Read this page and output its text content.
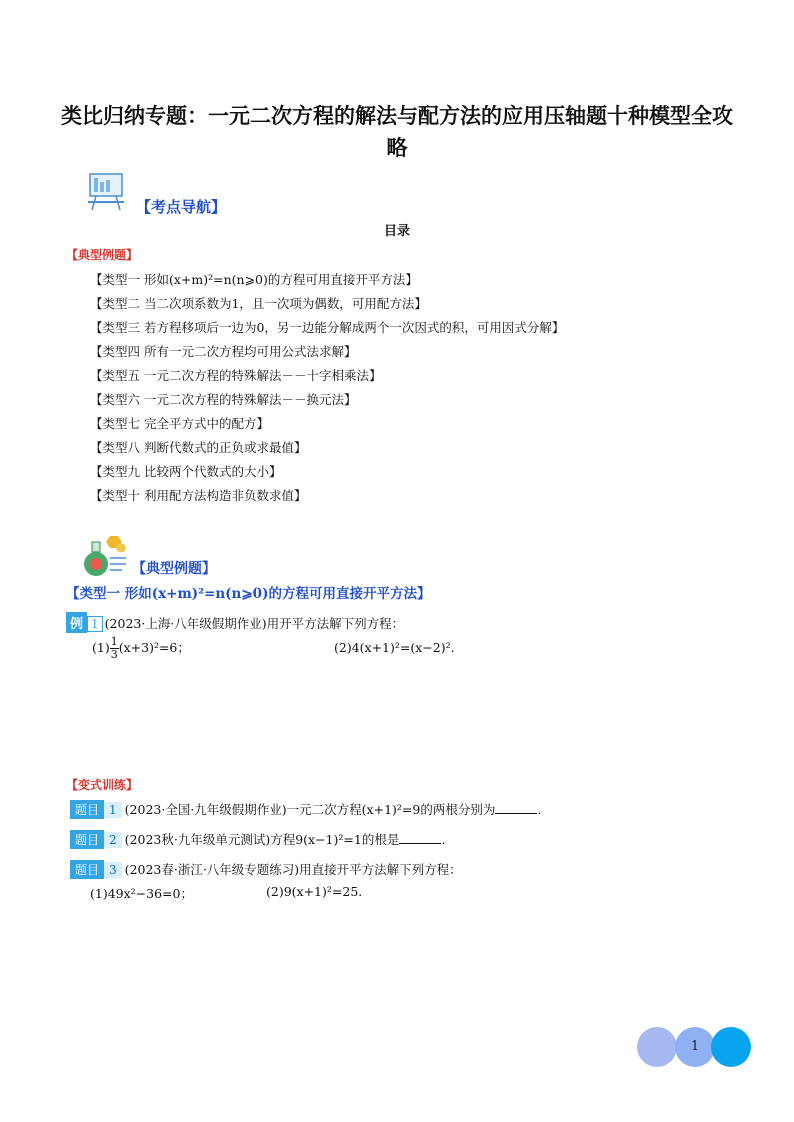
类比归纳专题：一元二次方程的解法与配方法的应用压轴题十种模型全攻略
【考点导航】
目录
【典型例题】
【类型一 形如(x+m)²=n(n⩾0)的方程可用直接开平方法】
【类型二 当二次项系数为1，且一次项为偶数，可用配方法】
【类型三 若方程移项后一边为0，另一边能分解成两个一次因式的积，可用因式分解】
【类型四 所有一元二次方程均可用公式法求解】
【类型五 一元二次方程的特殊解法－－十字相乘法】
【类型六 一元二次方程的特殊解法－－换元法】
【类型七 完全平方式中的配方】
【类型八 判断代数式的正负或求最值】
【类型九 比较两个代数式的大小】
【类型十 利用配方法构造非负数求值】
【典型例题】
【类型一 形如(x+m)²=n(n⩾0)的方程可用直接开平方法】
例 1 (2023·上海·八年级假期作业)用开平方法解下列方程：
$(1) \frac{1}{3} (x+3)^2=6$；	(2)4(x+1)²=(x−2)².
【变式训练】
题目 1 (2023·全国·九年级假期作业)一元二次方程(x+1)²=9的两根分别为	.
题目 2 (2023秋·九年级单元测试)方程9(x−1)²=1的根是	.
题目 3 (2023春·浙江·八年级专题练习)用直接开平方法解下列方程：
(1)49x²−36=0；	(2)9(x+1)²=25.
1
